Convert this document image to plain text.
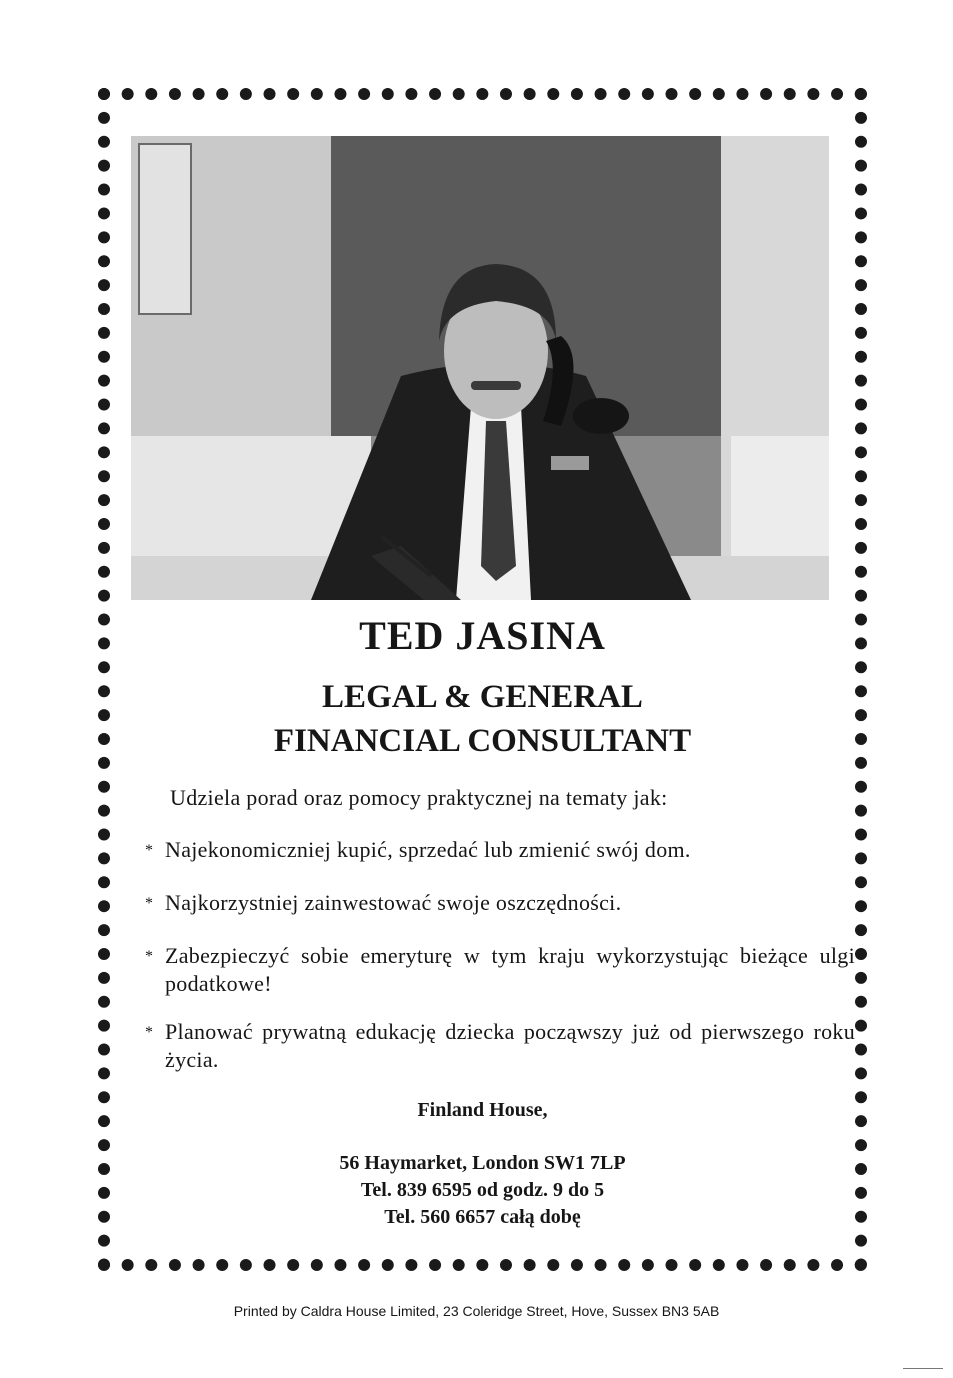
TED JASINA
LEGAL & GENERAL
FINANCIAL CONSULTANT
Udziela porad oraz pomocy praktycznej na tematy jak:
* Najekonomiczniej kupić, sprzedać lub zmienić swój dom.
* Najkorzystniej zainwestować swoje oszczędności.
* Zabezpieczyć sobie emeryturę w tym kraju wykorzystując bieżące ulgi podatkowe!
* Planować prywatną edukację dziecka począwszy już od pierwszego roku życia.
Finland House,
56 Haymarket, London SW1 7LP
Tel. 839 6595 od godz. 9 do 5
Tel. 560 6657 całą dobę
Printed by Caldra House Limited, 23 Coleridge Street, Hove, Sussex BN3 5AB
